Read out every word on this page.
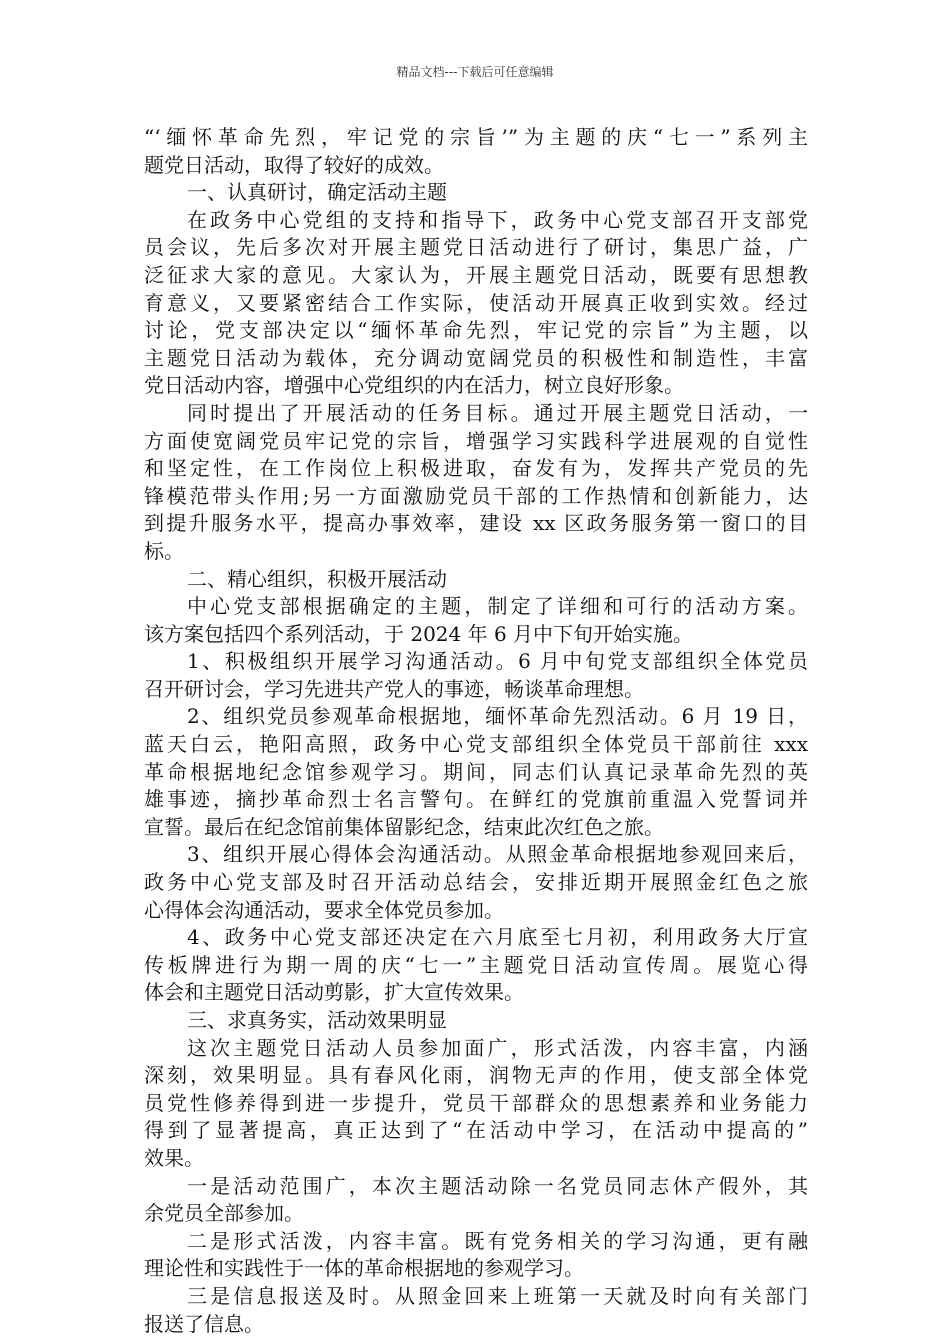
精品文档---下载后可任意编辑
“‘缅怀革命先烈，牢记党的宗旨’”为主题的庆“七一”系列主
题党日活动，取得了较好的成效。
一、认真研讨，确定活动主题
在政务中心党组的支持和指导下，政务中心党支部召开支部党
员会议，先后多次对开展主题党日活动进行了研讨，集思广益，广
泛征求大家的意见。大家认为，开展主题党日活动，既要有思想教
育意义，又要紧密结合工作实际，使活动开展真正收到实效。经过
讨论，党支部决定以“缅怀革命先烈，牢记党的宗旨”为主题，以
主题党日活动为载体，充分调动宽阔党员的积极性和制造性，丰富
党日活动内容，增强中心党组织的内在活力，树立良好形象。
同时提出了开展活动的任务目标。通过开展主题党日活动，一
方面使宽阔党员牢记党的宗旨，增强学习实践科学进展观的自觉性
和坚定性，在工作岗位上积极进取，奋发有为，发挥共产党员的先
锋模范带头作用;另一方面激励党员干部的工作热情和创新能力，达
到提升服务水平，提高办事效率，建设 xx 区政务服务第一窗口的目
标。
二、精心组织，积极开展活动
中心党支部根据确定的主题，制定了详细和可行的活动方案。
该方案包括四个系列活动，于 2024 年 6 月中下旬开始实施。
1、积极组织开展学习沟通活动。6 月中旬党支部组织全体党员
召开研讨会，学习先进共产党人的事迹，畅谈革命理想。
2、组织党员参观革命根据地，缅怀革命先烈活动。6 月 19 日，
蓝天白云，艳阳高照，政务中心党支部组织全体党员干部前往 xxx
革命根据地纪念馆参观学习。期间，同志们认真记录革命先烈的英
雄事迹，摘抄革命烈士名言警句。在鲜红的党旗前重温入党誓词并
宣誓。最后在纪念馆前集体留影纪念，结束此次红色之旅。
3、组织开展心得体会沟通活动。从照金革命根据地参观回来后，
政务中心党支部及时召开活动总结会，安排近期开展照金红色之旅
心得体会沟通活动，要求全体党员参加。
4、政务中心党支部还决定在六月底至七月初，利用政务大厅宣
传板牌进行为期一周的庆“七一”主题党日活动宣传周。展览心得
体会和主题党日活动剪影，扩大宣传效果。
三、求真务实，活动效果明显
这次主题党日活动人员参加面广，形式活泼，内容丰富，内涵
深刻，效果明显。具有春风化雨，润物无声的作用，使支部全体党
员党性修养得到进一步提升，党员干部群众的思想素养和业务能力
得到了显著提高，真正达到了“在活动中学习，在活动中提高的”
效果。
一是活动范围广，本次主题活动除一名党员同志休产假外，其
余党员全部参加。
二是形式活泼，内容丰富。既有党务相关的学习沟通，更有融
理论性和实践性于一体的革命根据地的参观学习。
三是信息报送及时。从照金回来上班第一天就及时向有关部门
报送了信息。
